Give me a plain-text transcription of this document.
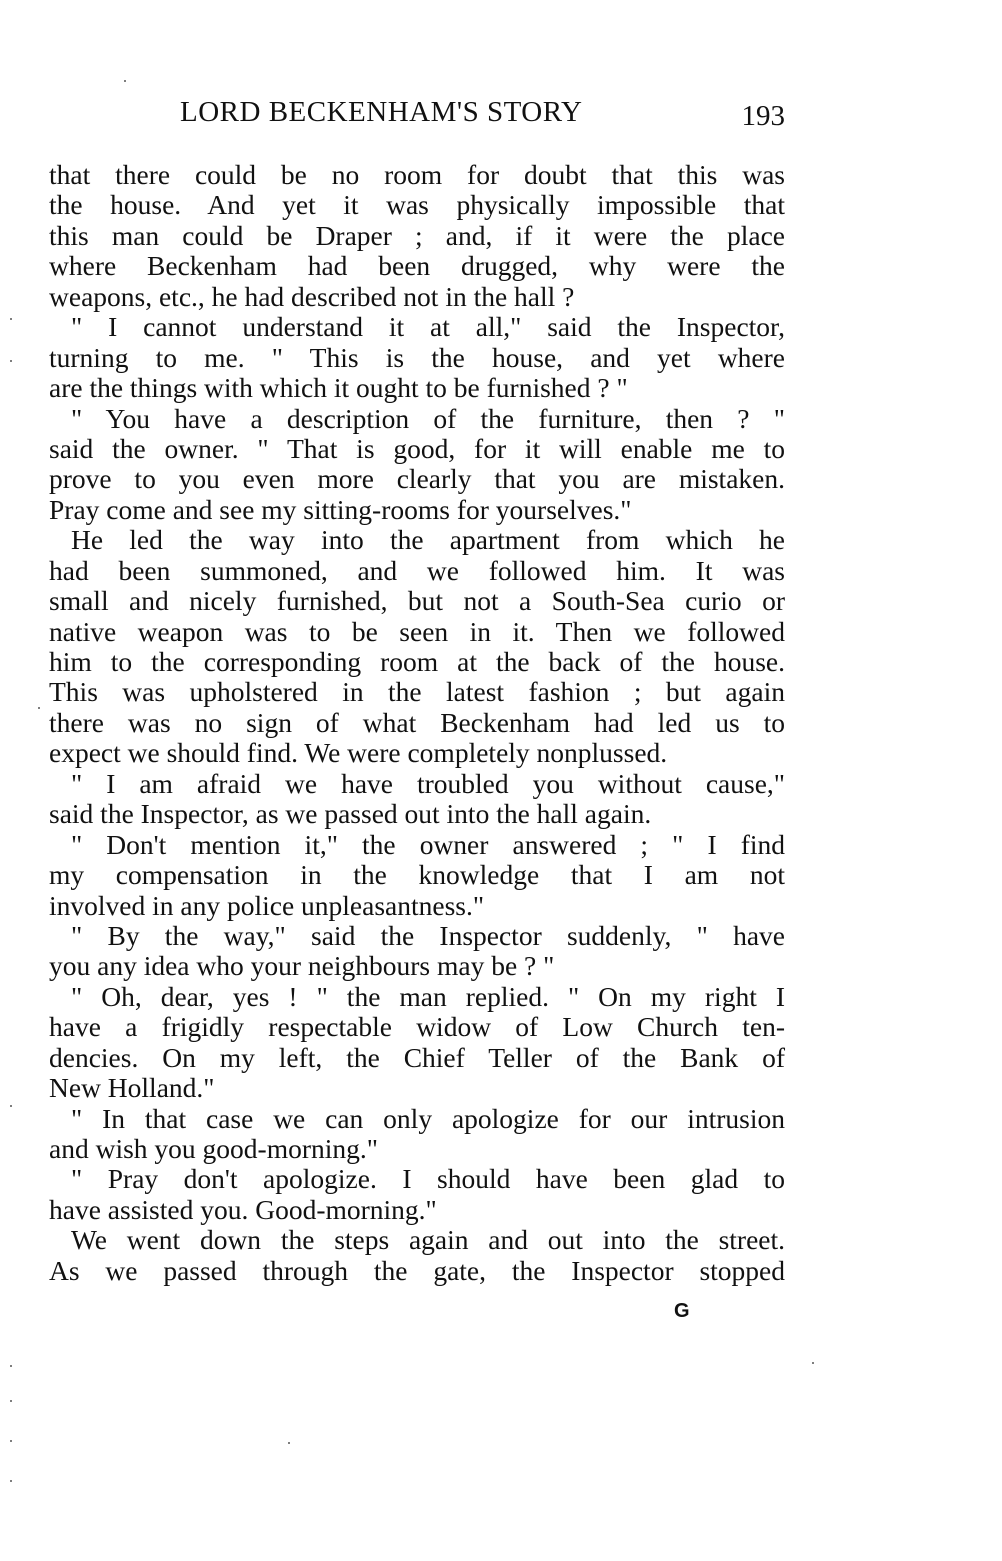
LORD BECKENHAM'S STORY	193
that there could be no room for doubt that this was
the house. And yet it was physically impossible that
this man could be Draper ; and, if it were the place
where Beckenham had been drugged, why were the
weapons, etc., he had described not in the hall ?
" I cannot understand it at all," said the Inspector,
turning to me. " This is the house, and yet where
are the things with which it ought to be furnished ? "
" You have a description of the furniture, then ? "
said the owner. " That is good, for it will enable me to
prove to you even more clearly that you are mistaken.
Pray come and see my sitting-rooms for yourselves."
He led the way into the apartment from which he
had been summoned, and we followed him. It was
small and nicely furnished, but not a South-Sea curio or
native weapon was to be seen in it. Then we followed
him to the corresponding room at the back of the house.
This was upholstered in the latest fashion ; but again
there was no sign of what Beckenham had led us to
expect we should find. We were completely nonplussed.
" I am afraid we have troubled you without cause,"
said the Inspector, as we passed out into the hall again.
" Don't mention it," the owner answered ; " I find
my compensation in the knowledge that I am not
involved in any police unpleasantness."
" By the way," said the Inspector suddenly, " have
you any idea who your neighbours may be ? "
" Oh, dear, yes ! " the man replied. " On my right I
have a frigidly respectable widow of Low Church ten-
dencies. On my left, the Chief Teller of the Bank of
New Holland."
" In that case we can only apologize for our intrusion
and wish you good-morning."
" Pray don't apologize. I should have been glad to
have assisted you. Good-morning."
We went down the steps again and out into the street.
As we passed through the gate, the Inspector stopped
G
